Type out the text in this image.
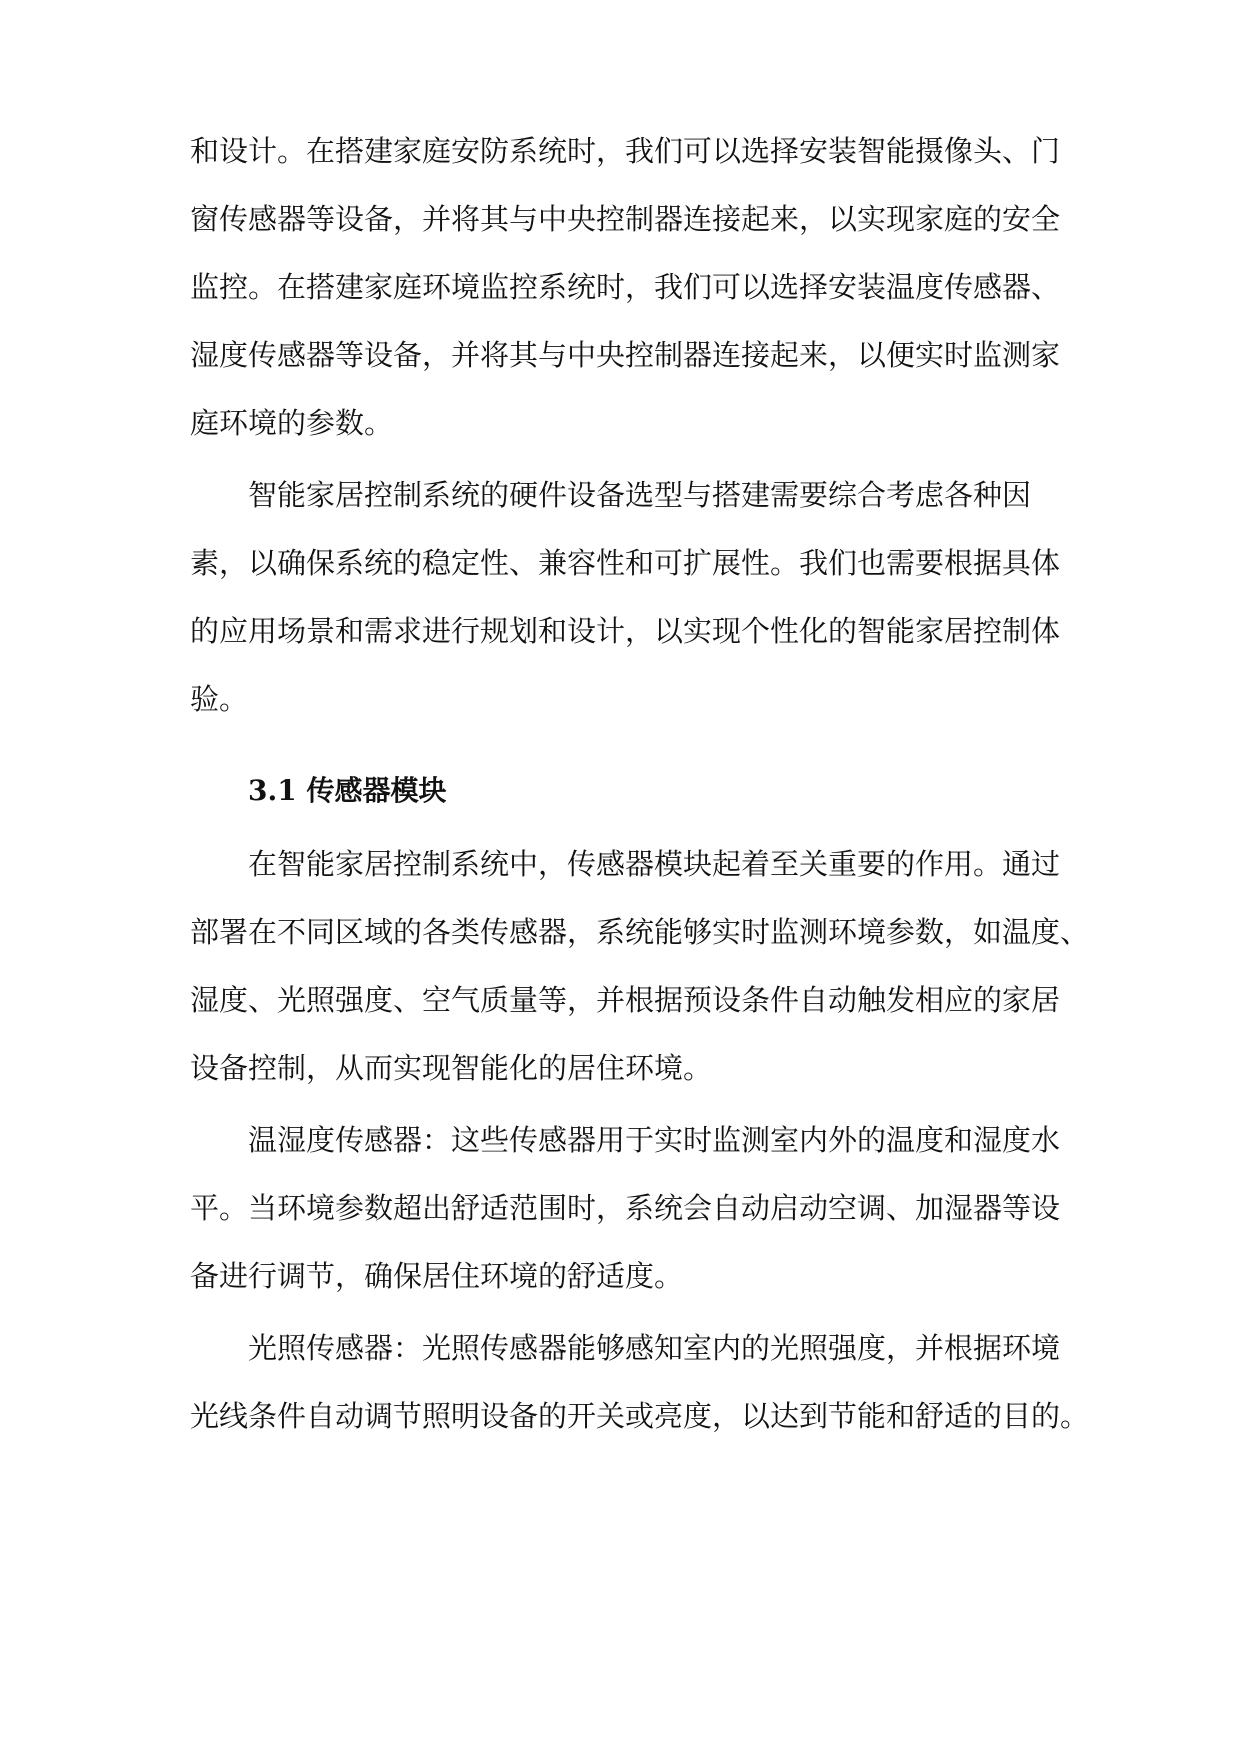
和设计。在搭建家庭安防系统时，我们可以选择安装智能摄像头、门
窗传感器等设备，并将其与中央控制器连接起来，以实现家庭的安全
监控。在搭建家庭环境监控系统时，我们可以选择安装温度传感器、
湿度传感器等设备，并将其与中央控制器连接起来，以便实时监测家
庭环境的参数。
智能家居控制系统的硬件设备选型与搭建需要综合考虑各种因
素，以确保系统的稳定性、兼容性和可扩展性。我们也需要根据具体
的应用场景和需求进行规划和设计，以实现个性化的智能家居控制体
验。
3.1 传感器模块
在智能家居控制系统中，传感器模块起着至关重要的作用。通过
部署在不同区域的各类传感器，系统能够实时监测环境参数，如温度、
湿度、光照强度、空气质量等，并根据预设条件自动触发相应的家居
设备控制，从而实现智能化的居住环境。
温湿度传感器：这些传感器用于实时监测室内外的温度和湿度水
平。当环境参数超出舒适范围时，系统会自动启动空调、加湿器等设
备进行调节，确保居住环境的舒适度。
光照传感器：光照传感器能够感知室内的光照强度，并根据环境
光线条件自动调节照明设备的开关或亮度，以达到节能和舒适的目的。
